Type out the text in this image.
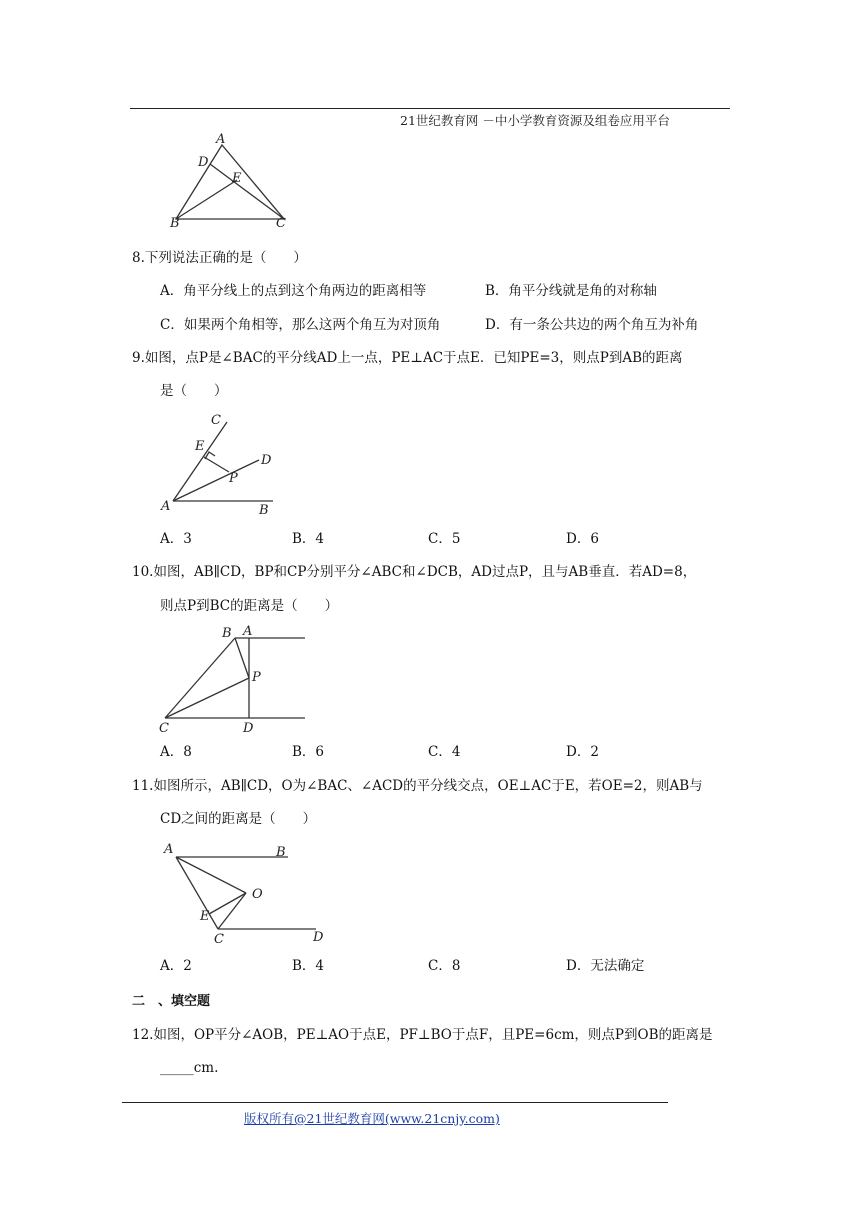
21世纪教育网 －中小学教育资源及组卷应用平台
A
D
E
B	C
8.下列说法正确的是（　　）
A．角平分线上的点到这个角两边的距离相等	B．角平分线就是角的对称轴
C．如果两个角相等，那么这两个角互为对顶角	D．有一条公共边的两个角互为补角
9.如图，点P是∠BAC的平分线AD上一点，PE⊥AC于点E．已知PE=3，则点P到AB的距离
是（　　）
C
E
D
P
A	B
A．3	B．4	C．5	D．6
10.如图，AB∥CD，BP和CP分别平分∠ABC和∠DCB，AD过点P，且与AB垂直．若AD=8，
则点P到BC的距离是（　　）
B A
P
C	D
A．8	B．6	C．4	D．2
11.如图所示，AB∥CD，O为∠BAC、∠ACD的平分线交点，OE⊥AC于E，若OE=2，则AB与
CD之间的距离是（　　）
A	B
O
E
C	D
A．2	B．4	C．8	D．无法确定
二　、填空题
12.如图，OP平分∠AOB，PE⊥AO于点E，PF⊥BO于点F，且PE=6cm，则点P到OB的距离是
_____cm.
版权所有@21世纪教育网(www.21cnjy.com)
